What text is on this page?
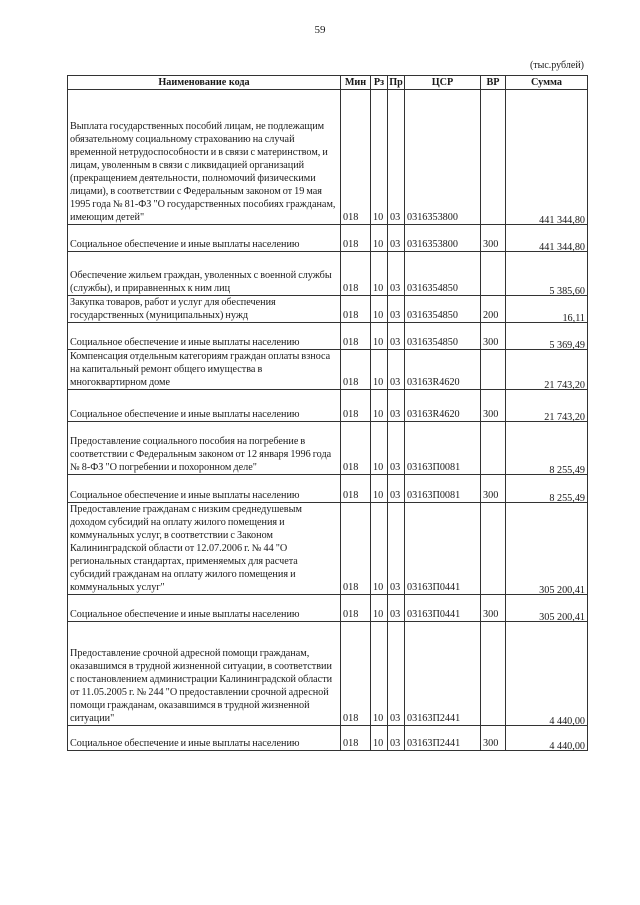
59
(тыс.рублей)
Наименование кода	Мин	Рз	Пр	ЦСР	ВР	Сумма
Выплата государственных пособий лицам, не подлежащим обязательному социальному страхованию на случай временной нетрудоспособности и в связи с материнством, и лицам, уволенным в связи с ликвидацией организаций (прекращением деятельности, полномочий физическими лицами), в соответствии с Федеральным законом от 19 мая 1995 года № 81-ФЗ "О государственных пособиях гражданам, имеющим детей"	018	10	03	0316353800		441 344,80
Социальное обеспечение и иные выплаты населению	018	10	03	0316353800	300	441 344,80
Обеспечение жильем граждан, уволенных с военной службы (службы), и приравненных к ним лиц	018	10	03	0316354850		5 385,60
Закупка товаров, работ и услуг для обеспечения государственных (муниципальных) нужд	018	10	03	0316354850	200	16,11
Социальное обеспечение и иные выплаты населению	018	10	03	0316354850	300	5 369,49
Компенсация отдельным категориям граждан оплаты взноса на капитальный ремонт общего имущества в многоквартирном доме	018	10	03	03163R4620		21 743,20
Социальное обеспечение и иные выплаты населению	018	10	03	03163R4620	300	21 743,20
Предоставление социального пособия на погребение в соответствии с Федеральным законом от 12 января 1996 года № 8-ФЗ "О погребении и похоронном деле"	018	10	03	03163П0081		8 255,49
Социальное обеспечение и иные выплаты населению	018	10	03	03163П0081	300	8 255,49
Предоставление гражданам с низким среднедушевым доходом субсидий на оплату жилого помещения и коммунальных услуг, в соответствии с Законом Калининградской области от 12.07.2006 г. № 44 "О региональных стандартах, применяемых для расчета субсидий гражданам на оплату жилого помещения и коммунальных услуг"	018	10	03	03163П0441		305 200,41
Социальное обеспечение и иные выплаты населению	018	10	03	03163П0441	300	305 200,41
Предоставление срочной адресной помощи гражданам, оказавшимся в трудной жизненной ситуации, в соответствии с постановлением администрации Калининградской области от 11.05.2005 г. № 244 "О предоставлении срочной адресной помощи гражданам, оказавшимся в трудной жизненной ситуации"	018	10	03	03163П2441		4 440,00
Социальное обеспечение и иные выплаты населению	018	10	03	03163П2441	300	4 440,00
